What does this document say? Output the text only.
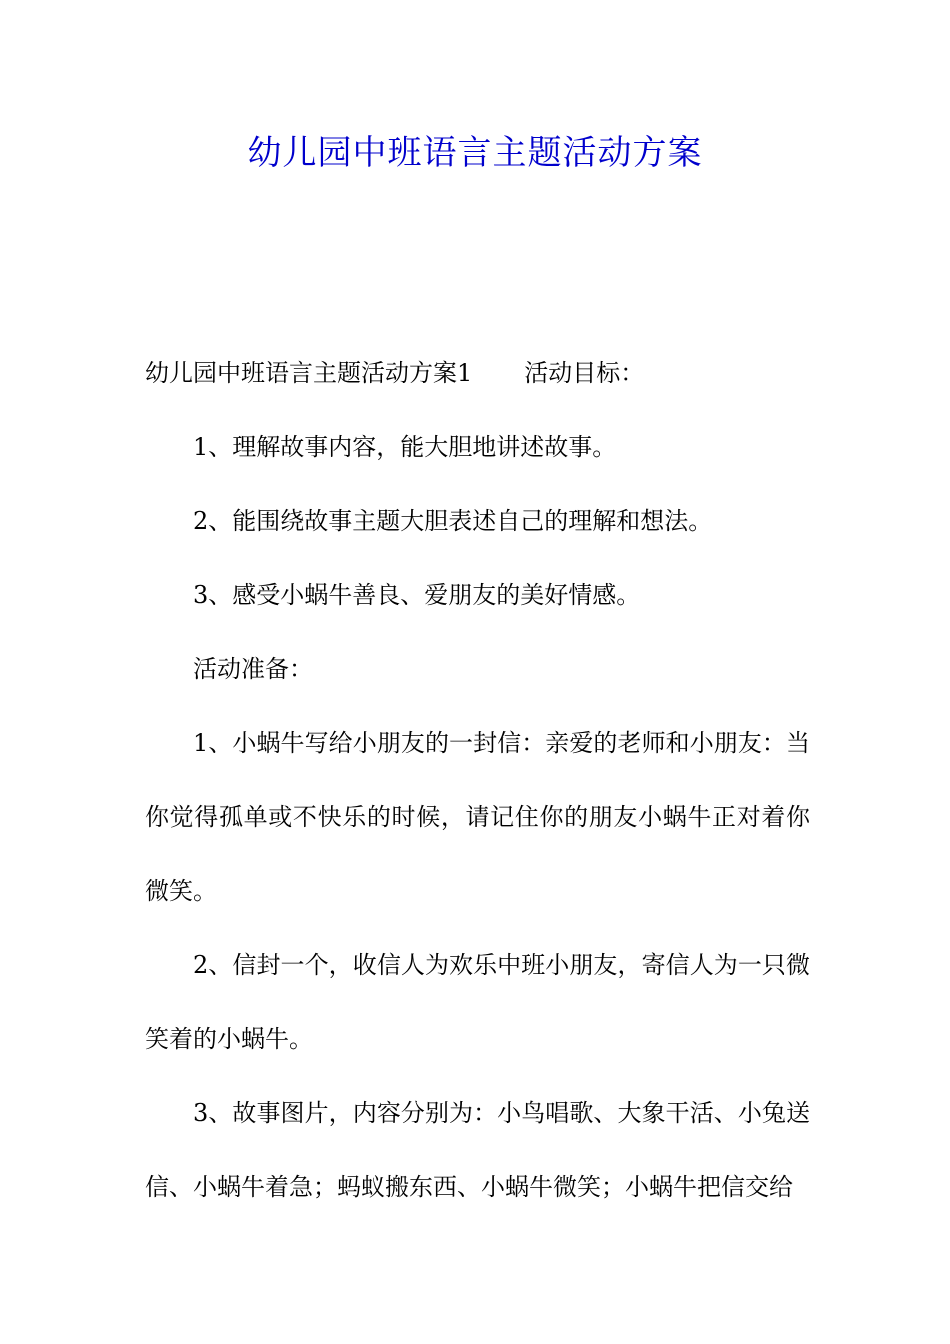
幼儿园中班语言主题活动方案

幼儿园中班语言主题活动方案1 活动目标：

1、理解故事内容，能大胆地讲述故事。

2、能围绕故事主题大胆表述自己的理解和想法。

3、感受小蜗牛善良、爱朋友的美好情感。

活动准备：

1、小蜗牛写给小朋友的一封信：亲爱的老师和小朋友：当你觉得孤单或不快乐的时候，请记住你的朋友小蜗牛正对着你微笑。

2、信封一个，收信人为欢乐中班小朋友，寄信人为一只微笑着的小蜗牛。

3、故事图片，内容分别为：小鸟唱歌、大象干活、小兔送信、小蜗牛着急；蚂蚁搬东西、小蜗牛微笑；小蜗牛把信交给
